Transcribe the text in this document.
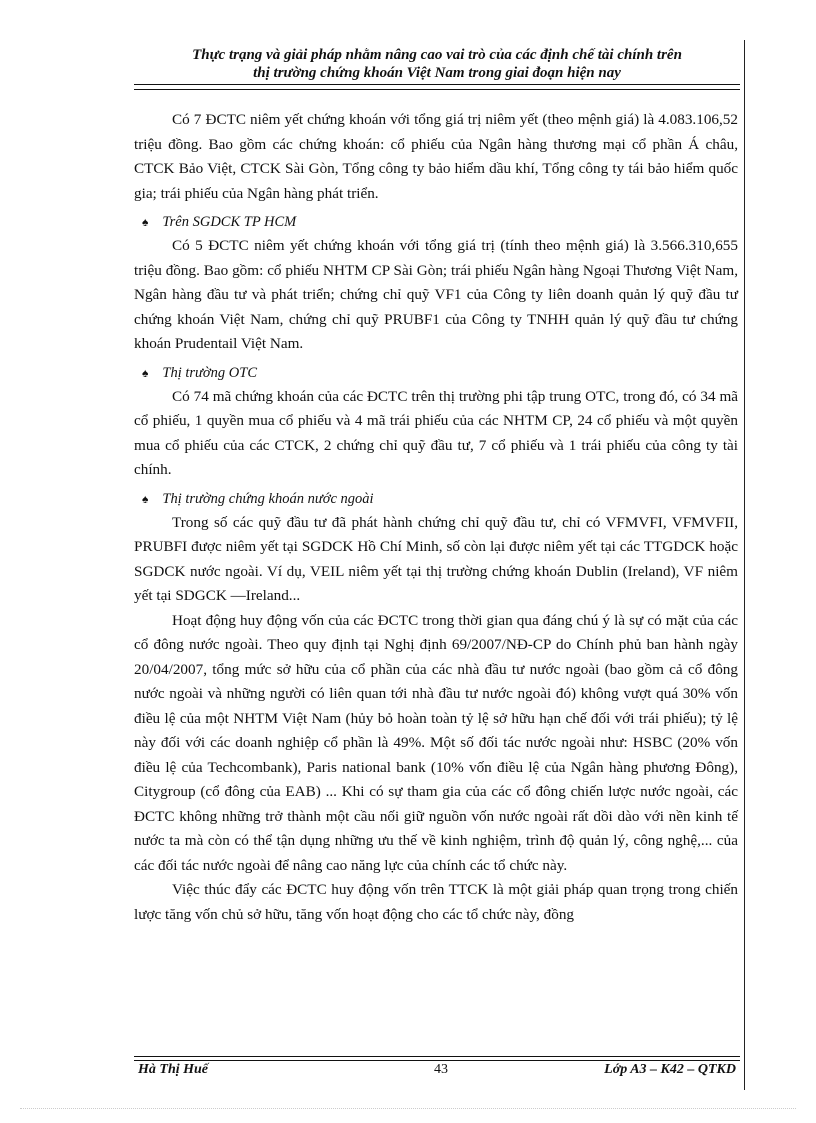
Thực trạng và giải pháp nhằm nâng cao vai trò của các định chế tài chính trên
thị trường chứng khoán Việt Nam trong giai đoạn hiện nay

Có 7 ĐCTC niêm yết chứng khoán với tổng giá trị niêm yết (theo mệnh giá) là 4.083.106,52 triệu đồng. Bao gồm các chứng khoán: cổ phiếu của Ngân hàng thương mại cổ phần Á châu, CTCK Bảo Việt, CTCK Sài Gòn, Tổng công ty bảo hiểm dầu khí, Tổng công ty tái bảo hiểm quốc gia; trái phiếu của Ngân hàng phát triển.

♠ Trên SGDCK TP HCM

Có 5 ĐCTC niêm yết chứng khoán với tổng giá trị (tính theo mệnh giá) là 3.566.310,655 triệu đồng. Bao gồm: cổ phiếu NHTM CP Sài Gòn; trái phiếu Ngân hàng Ngoại Thương Việt Nam, Ngân hàng đầu tư và phát triển; chứng chỉ quỹ VF1 của Công ty liên doanh quản lý quỹ đầu tư chứng khoán Việt Nam, chứng chỉ quỹ PRUBF1 của Công ty TNHH quản lý quỹ đầu tư chứng khoán Prudentail Việt Nam.

♠ Thị trường OTC

Có 74 mã chứng khoán của các ĐCTC trên thị trường phi tập trung OTC, trong đó, có 34 mã cổ phiếu, 1 quyền mua cổ phiếu và 4 mã trái phiếu của các NHTM CP, 24 cổ phiếu và một quyền mua cổ phiếu của các CTCK, 2 chứng chỉ quỹ đầu tư, 7 cổ phiếu và 1 trái phiếu của công ty tài chính.

♠ Thị trường chứng khoán nước ngoài

Trong số các quỹ đầu tư đã phát hành chứng chỉ quỹ đầu tư, chỉ có VFMVFI, VFMVFII, PRUBFI được niêm yết tại SGDCK Hồ Chí Minh, số còn lại được niêm yết tại các TTGDCK hoặc SGDCK nước ngoài. Ví dụ, VEIL niêm yết tại thị trường chứng khoán Dublin (Ireland), VF niêm yết tại SDGCK —Ireland...

Hoạt động huy động vốn của các ĐCTC trong thời gian qua đáng chú ý là sự có mặt của các cổ đông nước ngoài. Theo quy định tại Nghị định 69/2007/NĐ-CP do Chính phủ ban hành ngày 20/04/2007, tổng mức sở hữu của cổ phần của các nhà đầu tư nước ngoài (bao gồm cả cổ đông nước ngoài và những người có liên quan tới nhà đầu tư nước ngoài đó) không vượt quá 30% vốn điều lệ của một NHTM Việt Nam (hủy bỏ hoàn toàn tỷ lệ sở hữu hạn chế đối với trái phiếu); tỷ lệ này đối với các doanh nghiệp cổ phần là 49%. Một số đối tác nước ngoài như: HSBC (20% vốn điều lệ của Techcombank), Paris national bank (10% vốn điều lệ của Ngân hàng phương Đông), Citygroup (cổ đông của EAB) ... Khi có sự tham gia của các cổ đông chiến lược nước ngoài, các ĐCTC không những trở thành một cầu nối giữ nguồn vốn nước ngoài rất dồi dào với nền kinh tế nước ta mà còn có thể tận dụng những ưu thế về kinh nghiệm, trình độ quản lý, công nghệ,... của các đối tác nước ngoài để nâng cao năng lực của chính các tổ chức này.

Việc thúc đẩy các ĐCTC huy động vốn trên TTCK là một giải pháp quan trọng trong chiến lược tăng vốn chủ sở hữu, tăng vốn hoạt động cho các tổ chức này, đồng

Hà Thị Huế	43	Lớp A3 – K42 – QTKD
